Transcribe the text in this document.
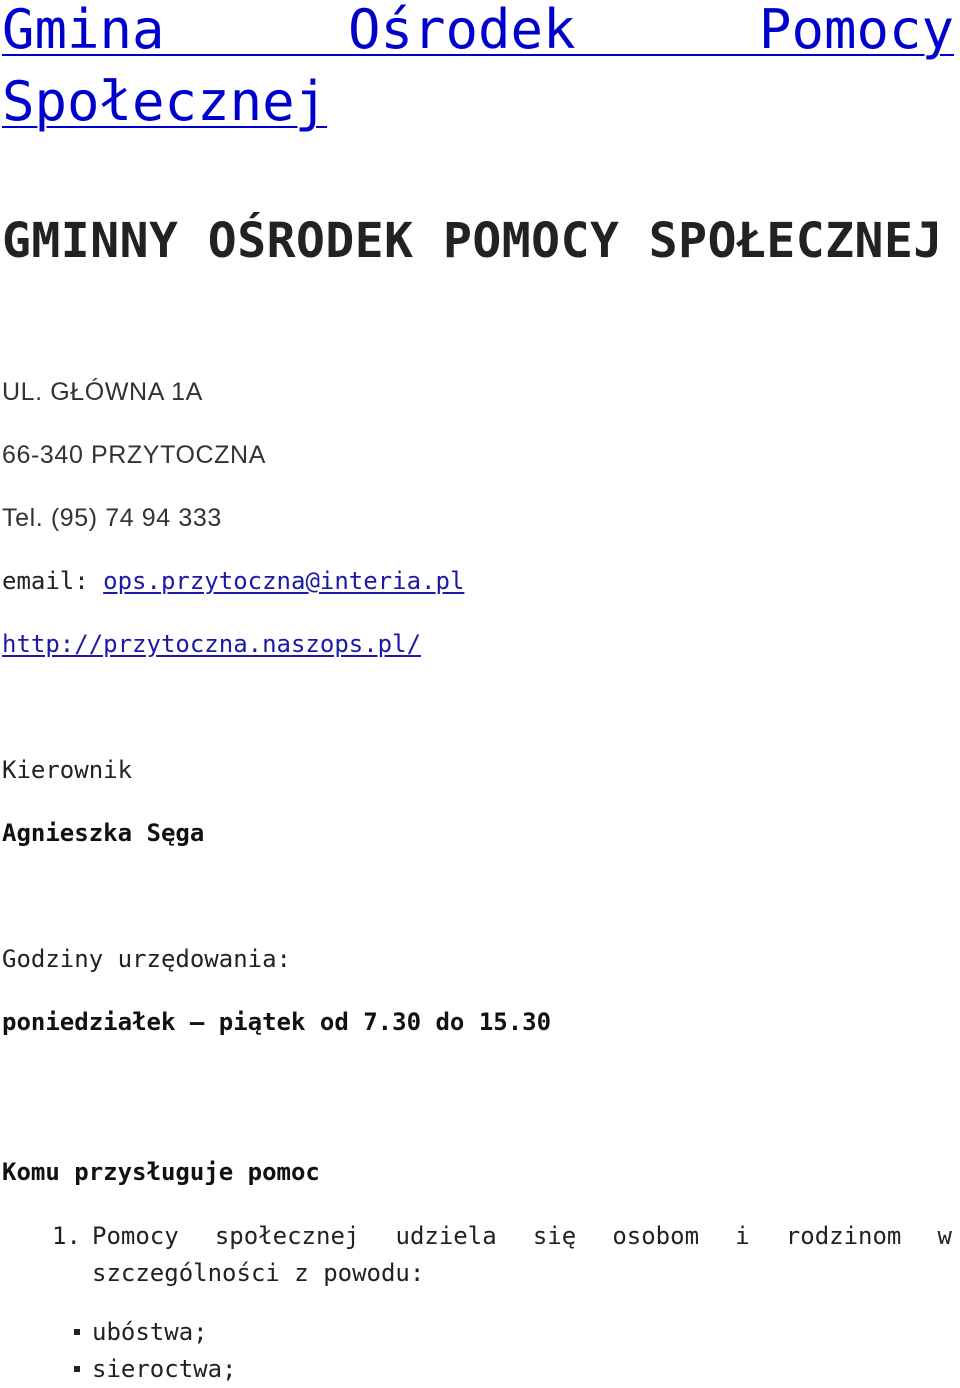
Gmina Ośrodek Pomocy Społecznej
GMINNY OŚRODEK POMOCY SPOŁECZNEJ

UL. GŁÓWNA 1A

66-340 PRZYTOCZNA

Tel. (95) 74 94 333

email: ops.przytoczna@interia.pl

http://przytoczna.naszops.pl/

Kierownik

Agnieszka Sęga

Godziny urzędowania:

poniedziałek – piątek od 7.30 do 15.30

Komu przysługuje pomoc

1. Pomocy społecznej udziela się osobom i rodzinom w szczególności z powodu:
ubóstwa;
sieroctwa;
